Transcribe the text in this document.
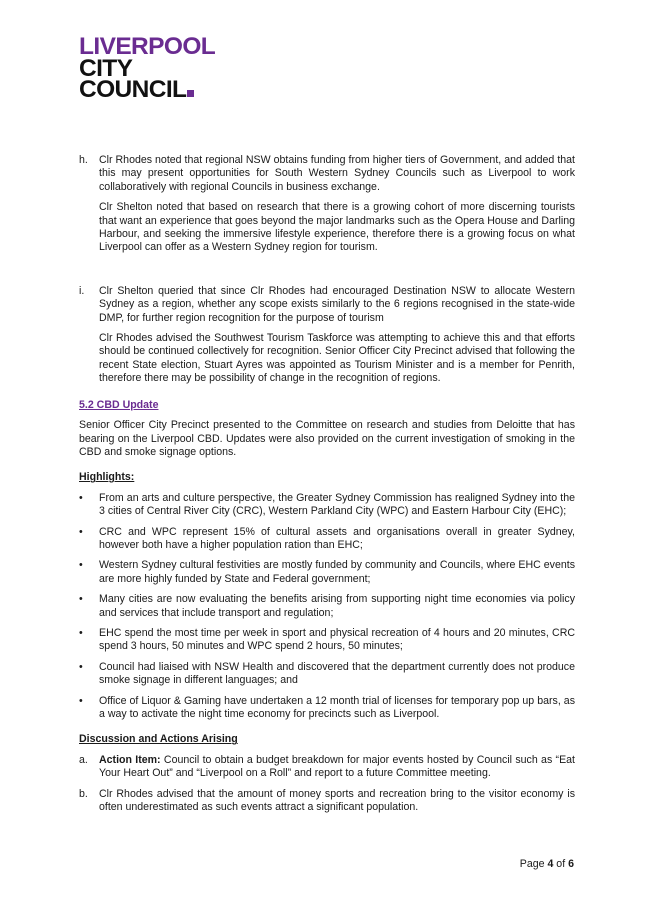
LIVERPOOL
CITY
COUNCIL
h. Clr Rhodes noted that regional NSW obtains funding from higher tiers of Government, and added that this may present opportunities for South Western Sydney Councils such as Liverpool to work collaboratively with regional Councils in business exchange.

Clr Shelton noted that based on research that there is a growing cohort of more discerning tourists that want an experience that goes beyond the major landmarks such as the Opera House and Darling Harbour, and seeking the immersive lifestyle experience, therefore there is a growing focus on what Liverpool can offer as a Western Sydney region for tourism.

i. Clr Shelton queried that since Clr Rhodes had encouraged Destination NSW to allocate Western Sydney as a region, whether any scope exists similarly to the 6 regions recognised in the state-wide DMP, for further region recognition for the purpose of tourism

Clr Rhodes advised the Southwest Tourism Taskforce was attempting to achieve this and that efforts should be continued collectively for recognition. Senior Officer City Precinct advised that following the recent State election, Stuart Ayres was appointed as Tourism Minister and is a member for Penrith, therefore there may be possibility of change in the recognition of regions.

5.2 CBD Update

Senior Officer City Precinct presented to the Committee on research and studies from Deloitte that has bearing on the Liverpool CBD. Updates were also provided on the current investigation of smoking in the CBD and smoke signage options.

Highlights:
• From an arts and culture perspective, the Greater Sydney Commission has realigned Sydney into the 3 cities of Central River City (CRC), Western Parkland City (WPC) and Eastern Harbour City (EHC);

• CRC and WPC represent 15% of cultural assets and organisations overall in greater Sydney, however both have a higher population ration than EHC;

• Western Sydney cultural festivities are mostly funded by community and Councils, where EHC events are more highly funded by State and Federal government;

• Many cities are now evaluating the benefits arising from supporting night time economies via policy and services that include transport and regulation;

• EHC spend the most time per week in sport and physical recreation of 4 hours and 20 minutes, CRC spend 3 hours, 50 minutes and WPC spend 2 hours, 50 minutes;

• Council had liaised with NSW Health and discovered that the department currently does not produce smoke signage in different languages; and

• Office of Liquor & Gaming have undertaken a 12 month trial of licenses for temporary pop up bars, as a way to activate the night time economy for precincts such as Liverpool.

Discussion and Actions Arising
a. Action Item: Council to obtain a budget breakdown for major events hosted by Council such as “Eat Your Heart Out” and “Liverpool on a Roll” and report to a future Committee meeting.

b. Clr Rhodes advised that the amount of money sports and recreation bring to the visitor economy is often underestimated as such events attract a significant population.

Page 4 of 6
